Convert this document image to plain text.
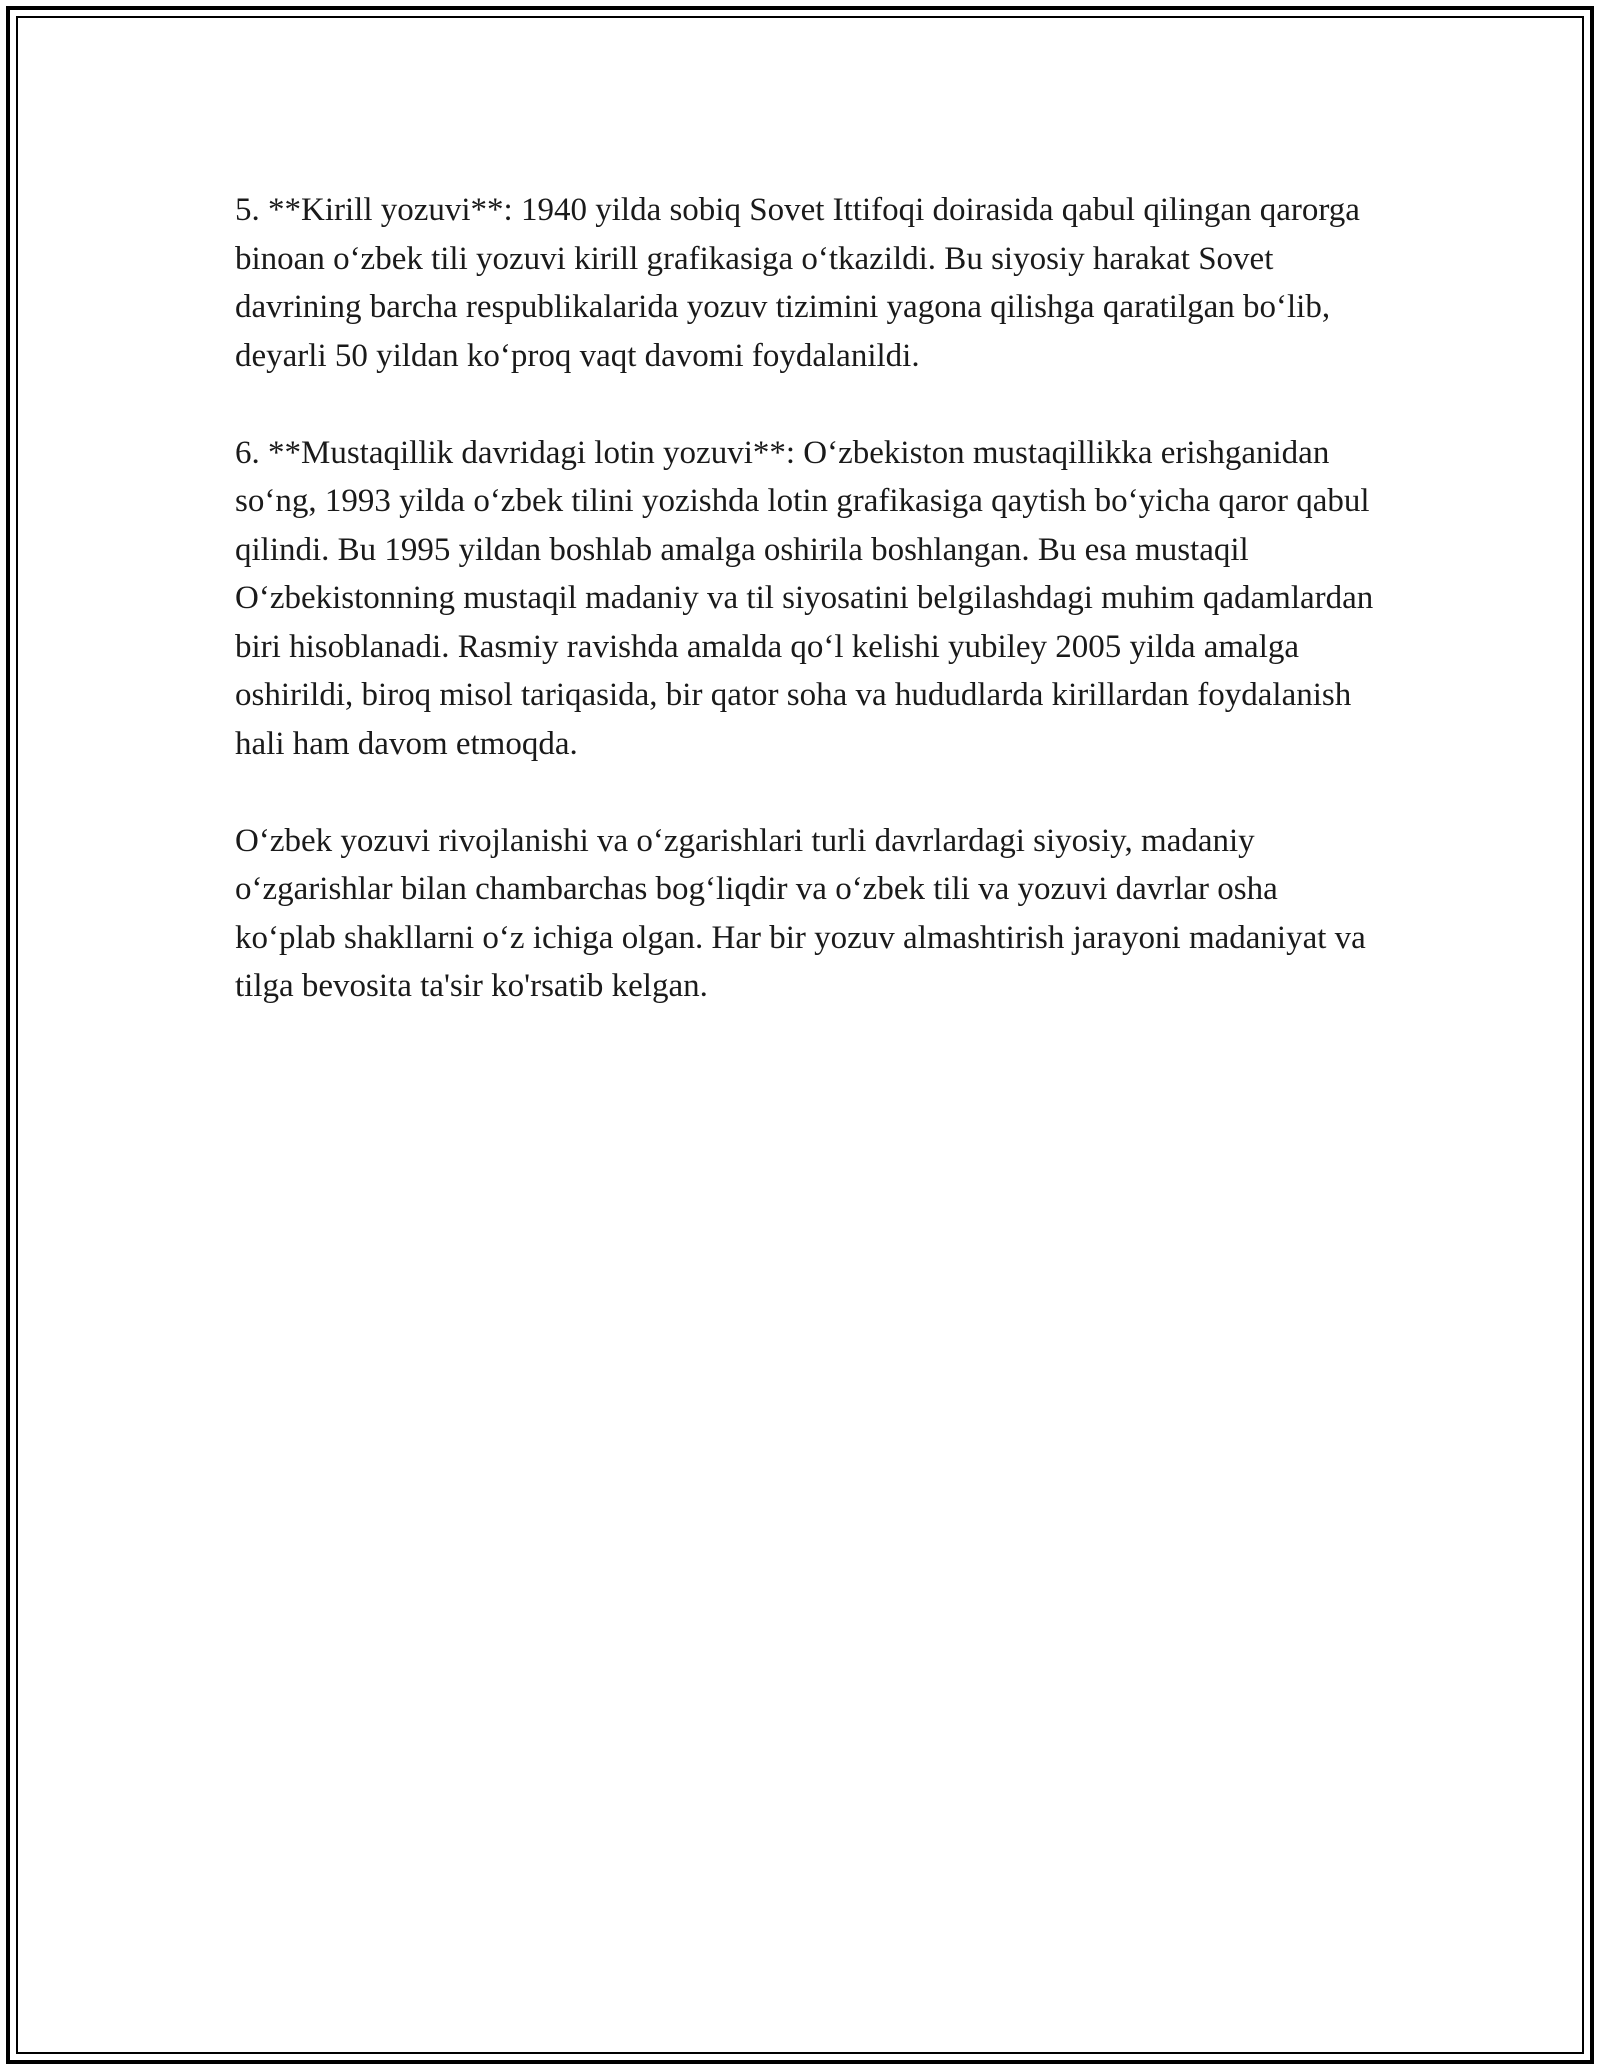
5. **Kirill yozuvi**: 1940 yilda sobiq Sovet Ittifoqi doirasida qabul qilingan qarorga binoan o‘zbek tili yozuvi kirill grafikasiga o‘tkazildi. Bu siyosiy harakat Sovet davrining barcha respublikalarida yozuv tizimini yagona qilishga qaratilgan bo‘lib, deyarli 50 yildan ko‘proq vaqt davomi foydalanildi.

6. **Mustaqillik davridagi lotin yozuvi**: O‘zbekiston mustaqillikka erishganidan so‘ng, 1993 yilda o‘zbek tilini yozishda lotin grafikasiga qaytish bo‘yicha qaror qabul qilindi. Bu 1995 yildan boshlab amalga oshirila boshlangan. Bu esa mustaqil O‘zbekistonning mustaqil madaniy va til siyosatini belgilashdagi muhim qadamlardan biri hisoblanadi. Rasmiy ravishda amalda qo‘l kelishi yubiley 2005 yilda amalga oshirildi, biroq misol tariqasida, bir qator soha va hududlarda kirillardan foydalanish hali ham davom etmoqda.

O‘zbek yozuvi rivojlanishi va o‘zgarishlari turli davrlardagi siyosiy, madaniy o‘zgarishlar bilan chambarchas bog‘liqdir va o‘zbek tili va yozuvi davrlar osha ko‘plab shakllarni o‘z ichiga olgan. Har bir yozuv almashtirish jarayoni madaniyat va tilga bevosita ta'sir ko'rsatib kelgan.
